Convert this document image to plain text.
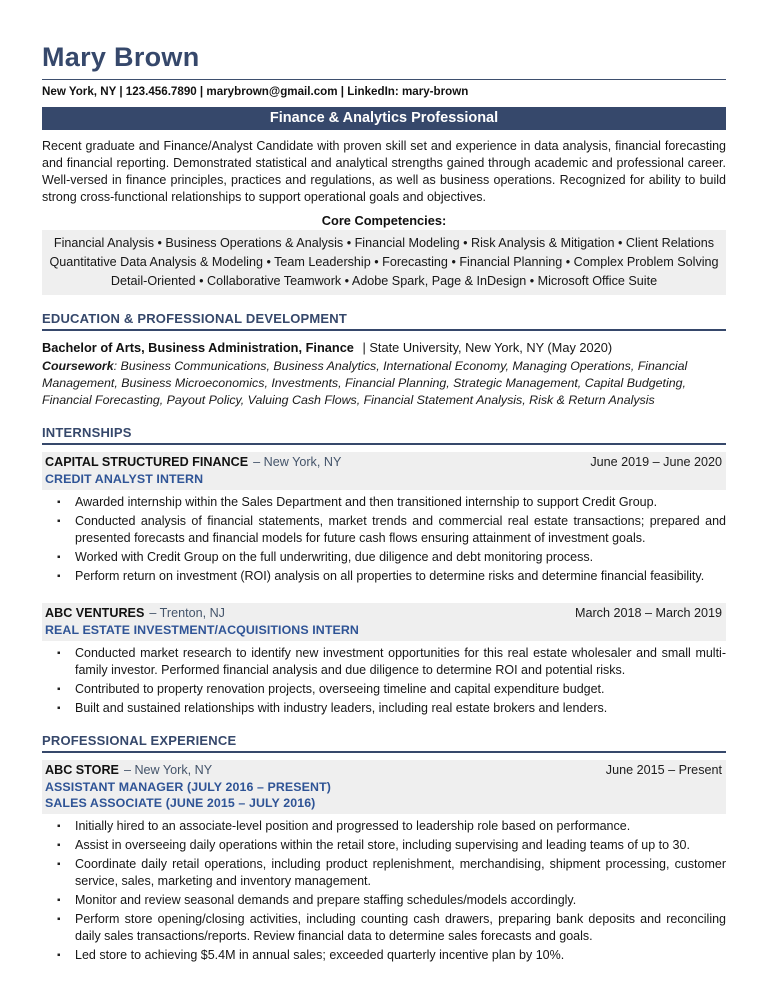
Mary Brown
New York, NY | 123.456.7890 | marybrown@gmail.com | LinkedIn: mary-brown
Finance & Analytics Professional

Recent graduate and Finance/Analyst Candidate with proven skill set and experience in data analysis, financial forecasting and financial reporting. Demonstrated statistical and analytical strengths gained through academic and professional career. Well-versed in finance principles, practices and regulations, as well as business operations. Recognized for ability to build strong cross-functional relationships to support operational goals and objectives.

Core Competencies:
Financial Analysis • Business Operations & Analysis • Financial Modeling • Risk Analysis & Mitigation • Client Relations
Quantitative Data Analysis & Modeling • Team Leadership • Forecasting • Financial Planning • Complex Problem Solving
Detail-Oriented • Collaborative Teamwork • Adobe Spark, Page & InDesign • Microsoft Office Suite
EDUCATION & PROFESSIONAL DEVELOPMENT
Bachelor of Arts, Business Administration, Finance | State University, New York, NY (May 2020)

Coursework: Business Communications, Business Analytics, International Economy, Managing Operations, Financial Management, Business Microeconomics, Investments, Financial Planning, Strategic Management, Capital Budgeting, Financial Forecasting, Payout Policy, Valuing Cash Flows, Financial Statement Analysis, Risk & Return Analysis

INTERNSHIPS
CAPITAL STRUCTURED FINANCE – New York, NY	June 2019 – June 2020
CREDIT ANALYST INTERN
▪ Awarded internship within the Sales Department and then transitioned internship to support Credit Group.
▪ Conducted analysis of financial statements, market trends and commercial real estate transactions; prepared and presented forecasts and financial models for future cash flows ensuring attainment of investment goals.
▪ Worked with Credit Group on the full underwriting, due diligence and debt monitoring process.
▪ Perform return on investment (ROI) analysis on all properties to determine risks and determine financial feasibility.
ABC VENTURES – Trenton, NJ	March 2018 – March 2019
REAL ESTATE INVESTMENT/ACQUISITIONS INTERN
▪ Conducted market research to identify new investment opportunities for this real estate wholesaler and small multi-family investor. Performed financial analysis and due diligence to determine ROI and potential risks.
▪ Contributed to property renovation projects, overseeing timeline and capital expenditure budget.
▪ Built and sustained relationships with industry leaders, including real estate brokers and lenders.
PROFESSIONAL EXPERIENCE
ABC STORE – New York, NY	June 2015 – Present
ASSISTANT MANAGER (JULY 2016 – PRESENT)
SALES ASSOCIATE (JUNE 2015 – JULY 2016)
▪ Initially hired to an associate-level position and progressed to leadership role based on performance.
▪ Assist in overseeing daily operations within the retail store, including supervising and leading teams of up to 30.
▪ Coordinate daily retail operations, including product replenishment, merchandising, shipment processing, customer service, sales, marketing and inventory management.
▪ Monitor and review seasonal demands and prepare staffing schedules/models accordingly.
▪ Perform store opening/closing activities, including counting cash drawers, preparing bank deposits and reconciling daily sales transactions/reports. Review financial data to determine sales forecasts and goals.
▪ Led store to achieving $5.4M in annual sales; exceeded quarterly incentive plan by 10%.
